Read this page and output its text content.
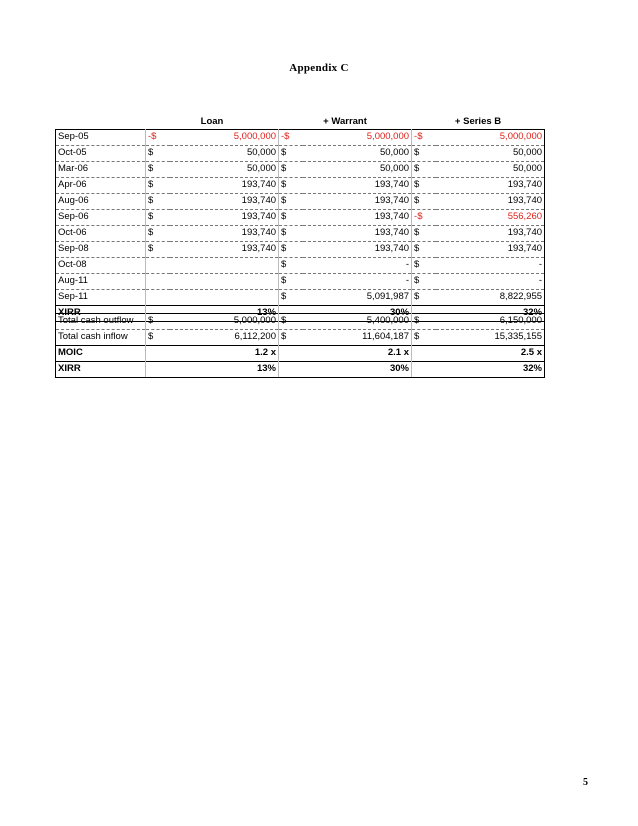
Appendix C
	Loan		+ Warrant		+ Series B	
Sep-05	-$	5,000,000	-$	5,000,000	-$	5,000,000
Oct-05	$	50,000	$	50,000	$	50,000
Mar-06	$	50,000	$	50,000	$	50,000
Apr-06	$	193,740	$	193,740	$	193,740
Aug-06	$	193,740	$	193,740	$	193,740
Sep-06	$	193,740	$	193,740	-$	556,260
Oct-06	$	193,740	$	193,740	$	193,740
Sep-08	$	193,740	$	193,740	$	193,740
Oct-08			$	-	$	-
Aug-11			$	-	$	-
Sep-11			$	5,091,987	$	8,822,955
XIRR	13%		30%		32%	
Total cash outflow	$	5,000,000	$	5,400,000	$	6,150,000
Total cash inflow	$	6,112,200	$	11,604,187	$	15,335,155
MOIC	1.2 x		2.1 x		2.5 x	
XIRR	13%		30%		32%	
5
